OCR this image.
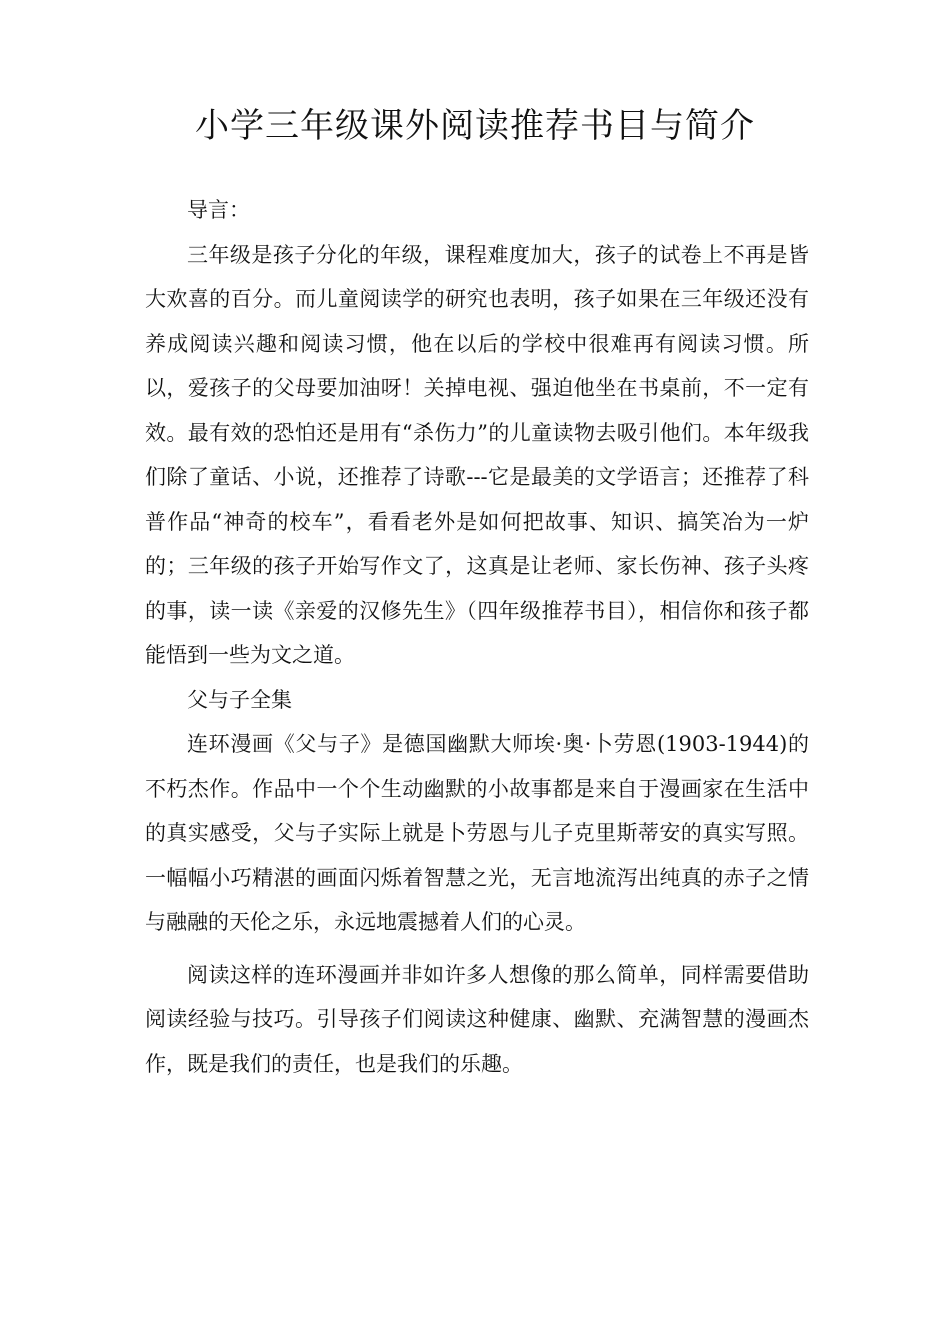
小学三年级课外阅读推荐书目与简介

导言：

三年级是孩子分化的年级，课程难度加大，孩子的试卷上不再是皆大欢喜的百分。而儿童阅读学的研究也表明，孩子如果在三年级还没有养成阅读兴趣和阅读习惯，他在以后的学校中很难再有阅读习惯。所以，爱孩子的父母要加油呀！关掉电视、强迫他坐在书桌前，不一定有效。最有效的恐怕还是用有“杀伤力”的儿童读物去吸引他们。本年级我们除了童话、小说，还推荐了诗歌---它是最美的文学语言；还推荐了科普作品“神奇的校车”，看看老外是如何把故事、知识、搞笑冶为一炉的；三年级的孩子开始写作文了，这真是让老师、家长伤神、孩子头疼的事，读一读《亲爱的汉修先生》（四年级推荐书目），相信你和孩子都能悟到一些为文之道。

父与子全集

连环漫画《父与子》是德国幽默大师埃·奥·卜劳恩(1903-1944)的不朽杰作。作品中一个个生动幽默的小故事都是来自于漫画家在生活中的真实感受，父与子实际上就是卜劳恩与儿子克里斯蒂安的真实写照。一幅幅小巧精湛的画面闪烁着智慧之光，无言地流泻出纯真的赤子之情与融融的天伦之乐，永远地震撼着人们的心灵。

阅读这样的连环漫画并非如许多人想像的那么简单，同样需要借助阅读经验与技巧。引导孩子们阅读这种健康、幽默、充满智慧的漫画杰作，既是我们的责任，也是我们的乐趣。
